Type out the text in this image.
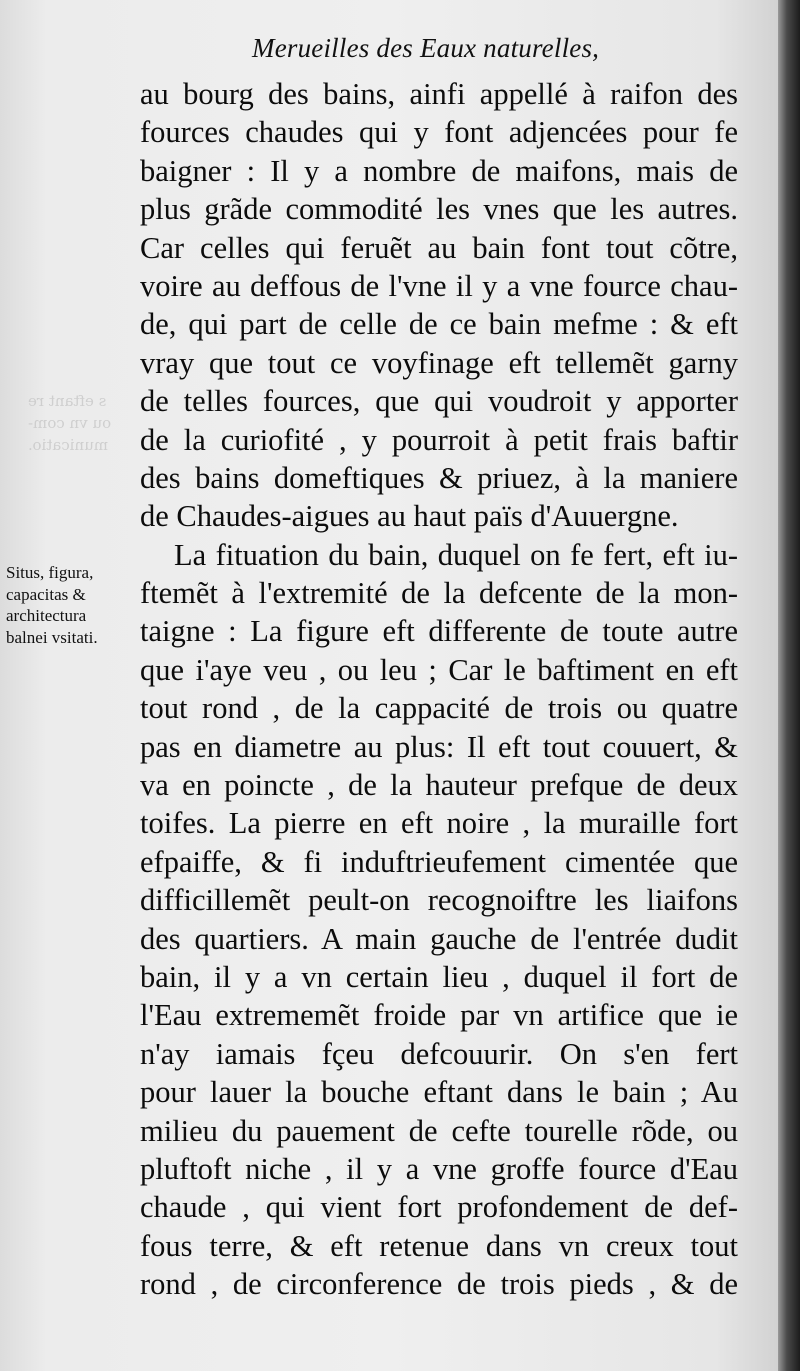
s eftant re
ou vn com-
municatio.
Merueilles des Eaux naturelles,
Situs, figura,
capacitas &
architectura
balnei vsitati.
au bourg des bains, ainfi appellé à raifon des
fources chaudes qui y font adjencées pour fe
baigner : Il y a nombre de maifons, mais de
plus grãde commodité les vnes que les autres.
Car celles qui feruẽt au bain font tout cõtre,
voire au deffous de l'vne il y a vne fource chau-
de, qui part de celle de ce bain mefme : & eft
vray que tout ce voyfinage eft tellemẽt garny
de telles fources, que qui voudroit y apporter
de la curiofité , y pourroit à petit frais baftir
des bains domeftiques & priuez, à la maniere
de Chaudes-aigues au haut païs d'Auuergne.
La fituation du bain, duquel on fe fert, eft iu-
ftemẽt à l'extremité de la defcente de la mon-
taigne : La figure eft differente de toute autre
que i'aye veu , ou leu ; Car le baftiment en eft
tout rond , de la cappacité de trois ou quatre
pas en diametre au plus: Il eft tout couuert, &
va en poincte , de la hauteur prefque de deux
toifes. La pierre en eft noire , la muraille fort
efpaiffe, & fi induftrieufement cimentée que
difficillemẽt peult-on recognoiftre les liaifons
des quartiers. A main gauche de l'entrée dudit
bain, il y a vn certain lieu , duquel il fort de
l'Eau extrememẽt froide par vn artifice que ie
n'ay iamais fçeu defcouurir. On s'en fert
pour lauer la bouche eftant dans le bain ; Au
milieu du pauement de cefte tourelle rõde, ou
pluftoft niche , il y a vne groffe fource d'Eau
chaude , qui vient fort profondement de def-
fous terre, & eft retenue dans vn creux tout
rond , de circonference de trois pieds , & de
